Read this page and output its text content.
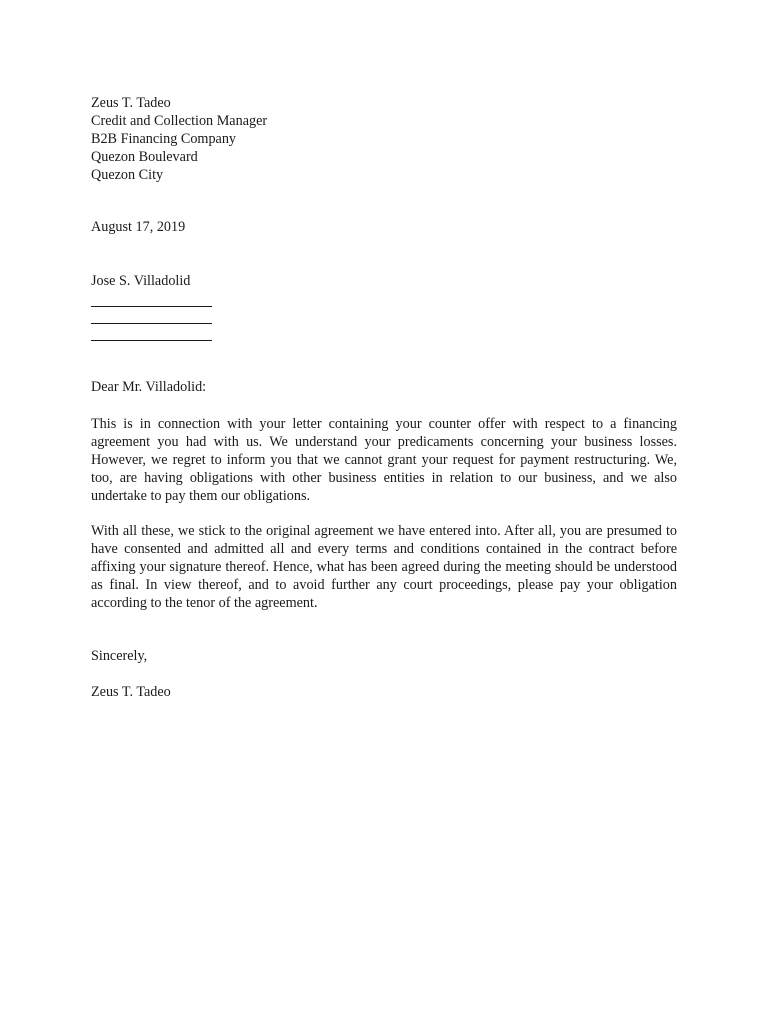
Zeus T. Tadeo
Credit and Collection Manager
B2B Financing Company
Quezon Boulevard
Quezon City
August 17, 2019
Jose S. Villadolid
Dear Mr. Villadolid:

This is in connection with your letter containing your counter offer with respect to a financing agreement you had with us. We understand your predicaments concerning your business losses. However, we regret to inform you that we cannot grant your request for payment restructuring. We, too, are having obligations with other business entities in relation to our business, and we also undertake to pay them our obligations.

With all these, we stick to the original agreement we have entered into. After all, you are presumed to have consented and admitted all and every terms and conditions contained in the contract before affixing your signature thereof. Hence, what has been agreed during the meeting should be understood as final. In view thereof, and to avoid further any court proceedings, please pay your obligation according to the tenor of the agreement.

Sincerely,
Zeus T. Tadeo
